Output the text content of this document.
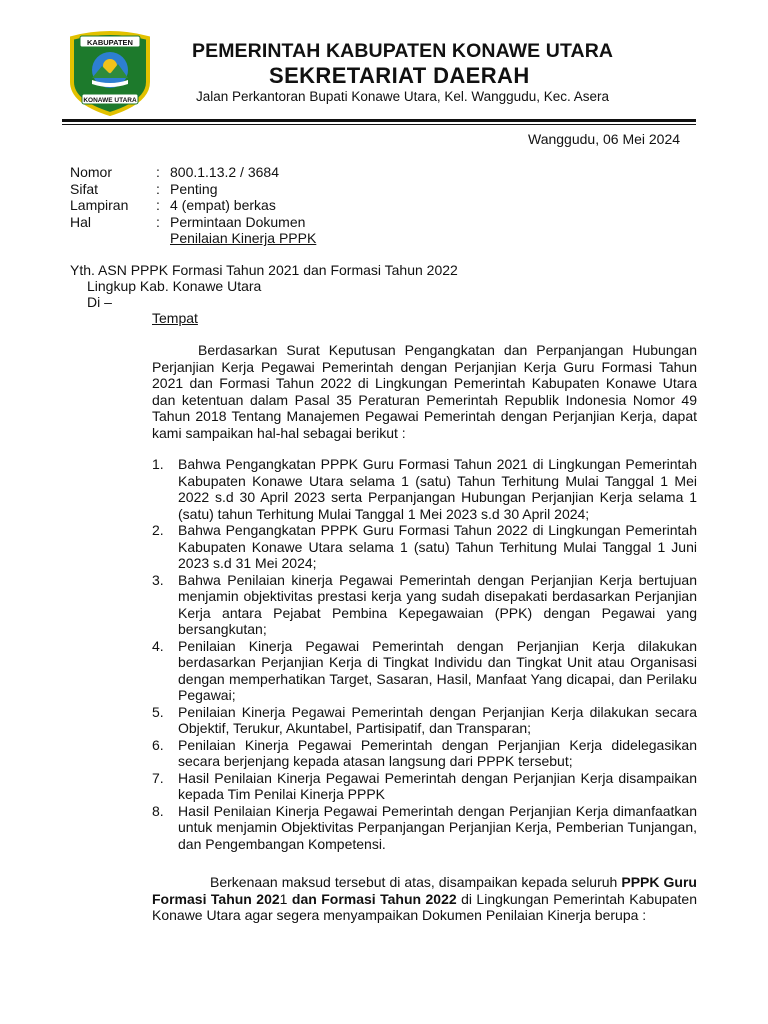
KABUPATEN
KONAWE UTARA
PEMERINTAH KABUPATEN KONAWE UTARA
SEKRETARIAT DAERAH
Jalan Perkantoran Bupati Konawe Utara, Kel. Wanggudu, Kec. Asera
Wanggudu, 06 Mei 2024
Nomor	: 800.1.13.2 / 3684
Sifat	: Penting
Lampiran	: 4 (empat) berkas
Hal	: Permintaan Dokumen
Penilaian Kinerja PPPK
Yth. ASN PPPK Formasi Tahun 2021 dan Formasi Tahun 2022
Lingkup Kab. Konawe Utara
Di –
Tempat

Berdasarkan Surat Keputusan Pengangkatan dan Perpanjangan Hubungan Perjanjian Kerja Pegawai Pemerintah dengan Perjanjian Kerja Guru Formasi Tahun 2021 dan Formasi Tahun 2022 di Lingkungan Pemerintah Kabupaten Konawe Utara dan ketentuan dalam Pasal 35 Peraturan Pemerintah Republik Indonesia Nomor 49 Tahun 2018 Tentang Manajemen Pegawai Pemerintah dengan Perjanjian Kerja, dapat kami sampaikan hal-hal sebagai berikut :

1.	Bahwa Pengangkatan PPPK Guru Formasi Tahun 2021 di Lingkungan Pemerintah Kabupaten Konawe Utara selama 1 (satu) Tahun Terhitung Mulai Tanggal 1 Mei 2022 s.d 30 April 2023 serta Perpanjangan Hubungan Perjanjian Kerja selama 1 (satu) tahun Terhitung Mulai Tanggal 1 Mei 2023 s.d 30 April 2024;
2.	Bahwa Pengangkatan PPPK Guru Formasi Tahun 2022 di Lingkungan Pemerintah Kabupaten Konawe Utara selama 1 (satu) Tahun Terhitung Mulai Tanggal 1 Juni 2023 s.d 31 Mei 2024;
3.	Bahwa Penilaian kinerja Pegawai Pemerintah dengan Perjanjian Kerja bertujuan menjamin objektivitas prestasi kerja yang sudah disepakati berdasarkan Perjanjian Kerja antara Pejabat Pembina Kepegawaian (PPK) dengan Pegawai yang bersangkutan;
4.	Penilaian Kinerja Pegawai Pemerintah dengan Perjanjian Kerja dilakukan berdasarkan Perjanjian Kerja di Tingkat Individu dan Tingkat Unit atau Organisasi dengan memperhatikan Target, Sasaran, Hasil, Manfaat Yang dicapai, dan Perilaku Pegawai;
5.	Penilaian Kinerja Pegawai Pemerintah dengan Perjanjian Kerja dilakukan secara Objektif, Terukur, Akuntabel, Partisipatif, dan Transparan;
6.	Penilaian Kinerja Pegawai Pemerintah dengan Perjanjian Kerja didelegasikan secara berjenjang kepada atasan langsung dari PPPK tersebut;
7.	Hasil Penilaian Kinerja Pegawai Pemerintah dengan Perjanjian Kerja disampaikan kepada Tim Penilai Kinerja PPPK
8.	Hasil Penilaian Kinerja Pegawai Pemerintah dengan Perjanjian Kerja dimanfaatkan untuk menjamin Objektivitas Perpanjangan Perjanjian Kerja, Pemberian Tunjangan, dan Pengembangan Kompetensi.

Berkenaan maksud tersebut di atas, disampaikan kepada seluruh PPPK Guru Formasi Tahun 2021 dan Formasi Tahun 2022 di Lingkungan Pemerintah Kabupaten Konawe Utara agar segera menyampaikan Dokumen Penilaian Kinerja berupa :
